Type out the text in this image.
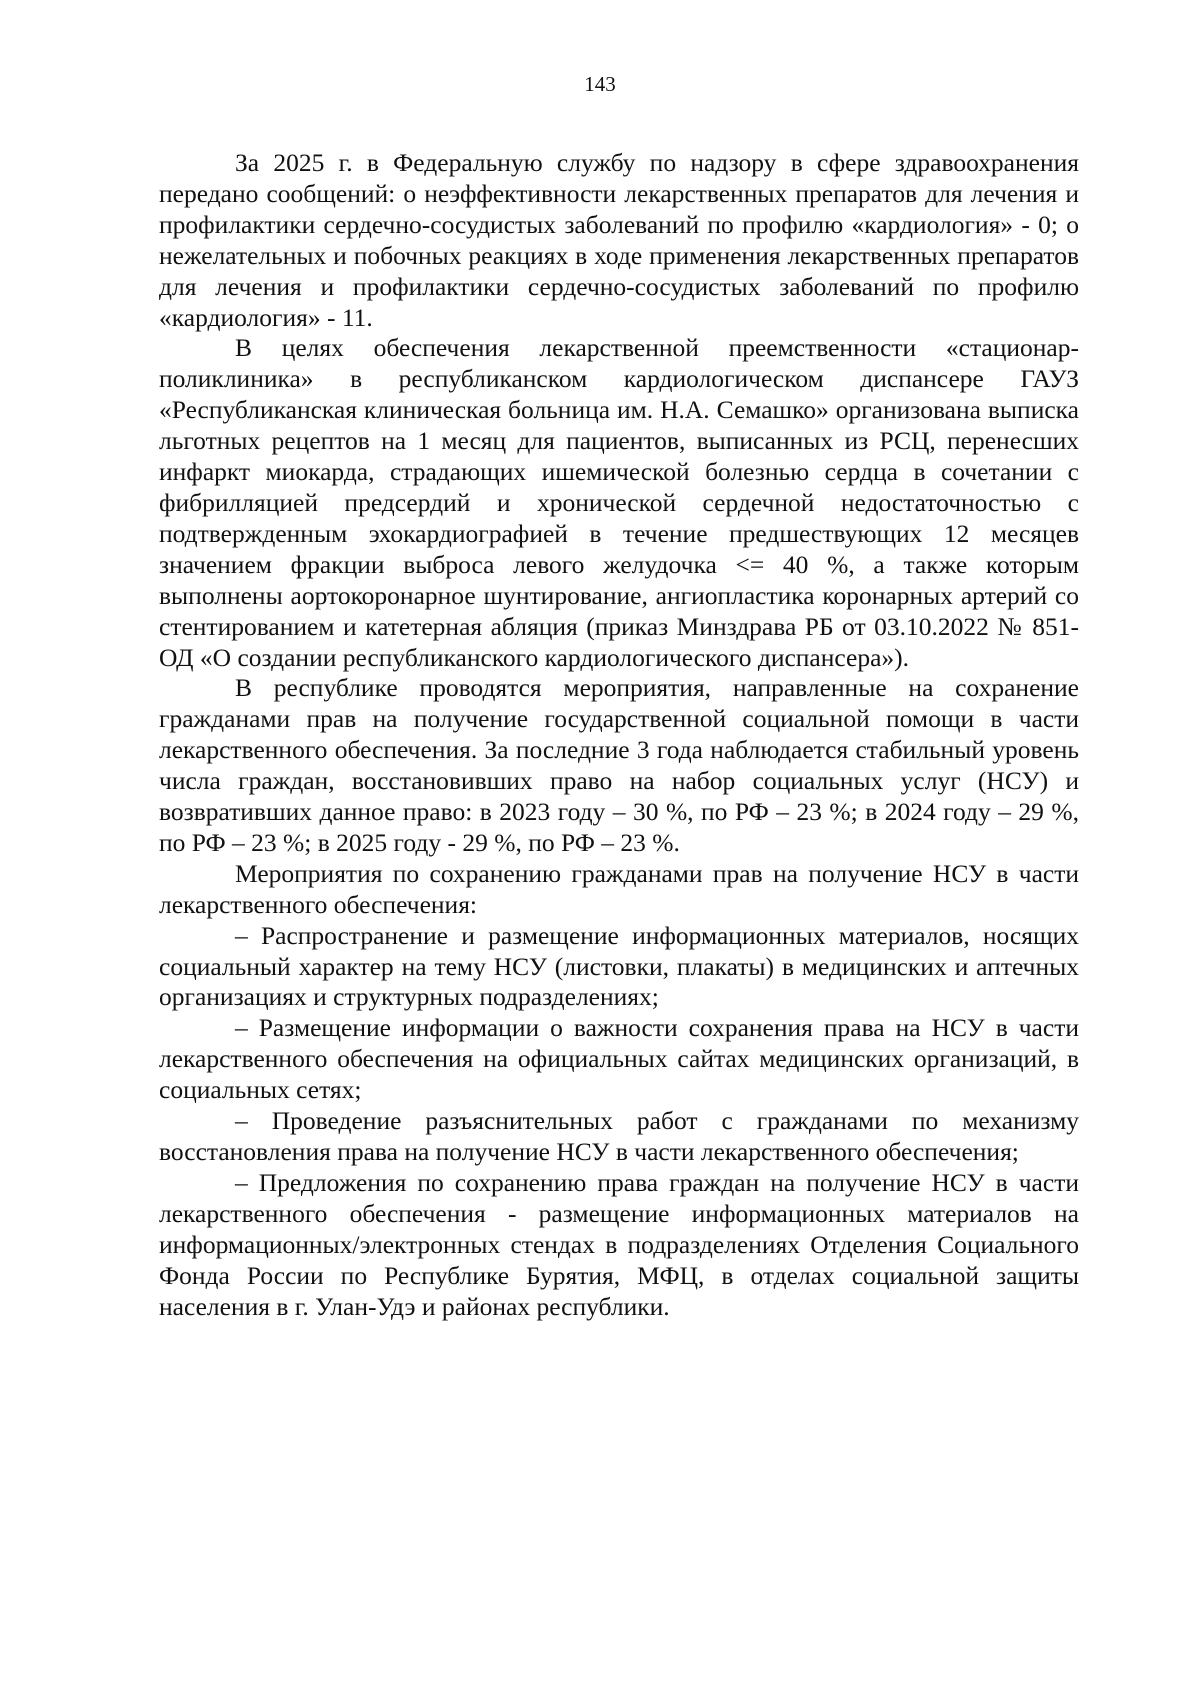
143

За 2025 г. в Федеральную службу по надзору в сфере здравоохранения передано сообщений: о неэффективности лекарственных препаратов для лечения и профилактики сердечно-сосудистых заболеваний по профилю «кардиология» - 0; о нежелательных и побочных реакциях в ходе применения лекарственных препаратов для лечения и профилактики сердечно-сосудистых заболеваний по профилю «кардиология» - 11.

В целях обеспечения лекарственной преемственности «стационар-поликлиника» в республиканском кардиологическом диспансере ГАУЗ «Республиканская клиническая больница им. Н.А. Семашко» организована выписка льготных рецептов на 1 месяц для пациентов, выписанных из РСЦ, перенесших инфаркт миокарда, страдающих ишемической болезнью сердца в сочетании с фибрилляцией предсердий и хронической сердечной недостаточностью с подтвержденным эхокардиографией в течение предшествующих 12 месяцев значением фракции выброса левого желудочка <= 40 %, а также которым выполнены аортокоронарное шунтирование, ангиопластика коронарных артерий со стентированием и катетерная абляция (приказ Минздрава РБ от 03.10.2022 № 851-ОД «О создании республиканского кардиологического диспансера»).

В республике проводятся мероприятия, направленные на сохранение гражданами прав на получение государственной социальной помощи в части лекарственного обеспечения. За последние 3 года наблюдается стабильный уровень числа граждан, восстановивших право на набор социальных услуг (НСУ) и возвративших данное право: в 2023 году – 30 %, по РФ – 23 %; в 2024 году – 29 %, по РФ – 23 %; в 2025 году - 29 %, по РФ – 23 %.

Мероприятия по сохранению гражданами прав на получение НСУ в части лекарственного обеспечения:

– Распространение и размещение информационных материалов, носящих социальный характер на тему НСУ (листовки, плакаты) в медицинских и аптечных организациях и структурных подразделениях;

– Размещение информации о важности сохранения права на НСУ в части лекарственного обеспечения на официальных сайтах медицинских организаций, в социальных сетях;

– Проведение разъяснительных работ с гражданами по механизму восстановления права на получение НСУ в части лекарственного обеспечения;

– Предложения по сохранению права граждан на получение НСУ в части лекарственного обеспечения - размещение информационных материалов на информационных/электронных стендах в подразделениях Отделения Социального Фонда России по Республике Бурятия, МФЦ, в отделах социальной защиты населения в г. Улан-Удэ и районах республики.
